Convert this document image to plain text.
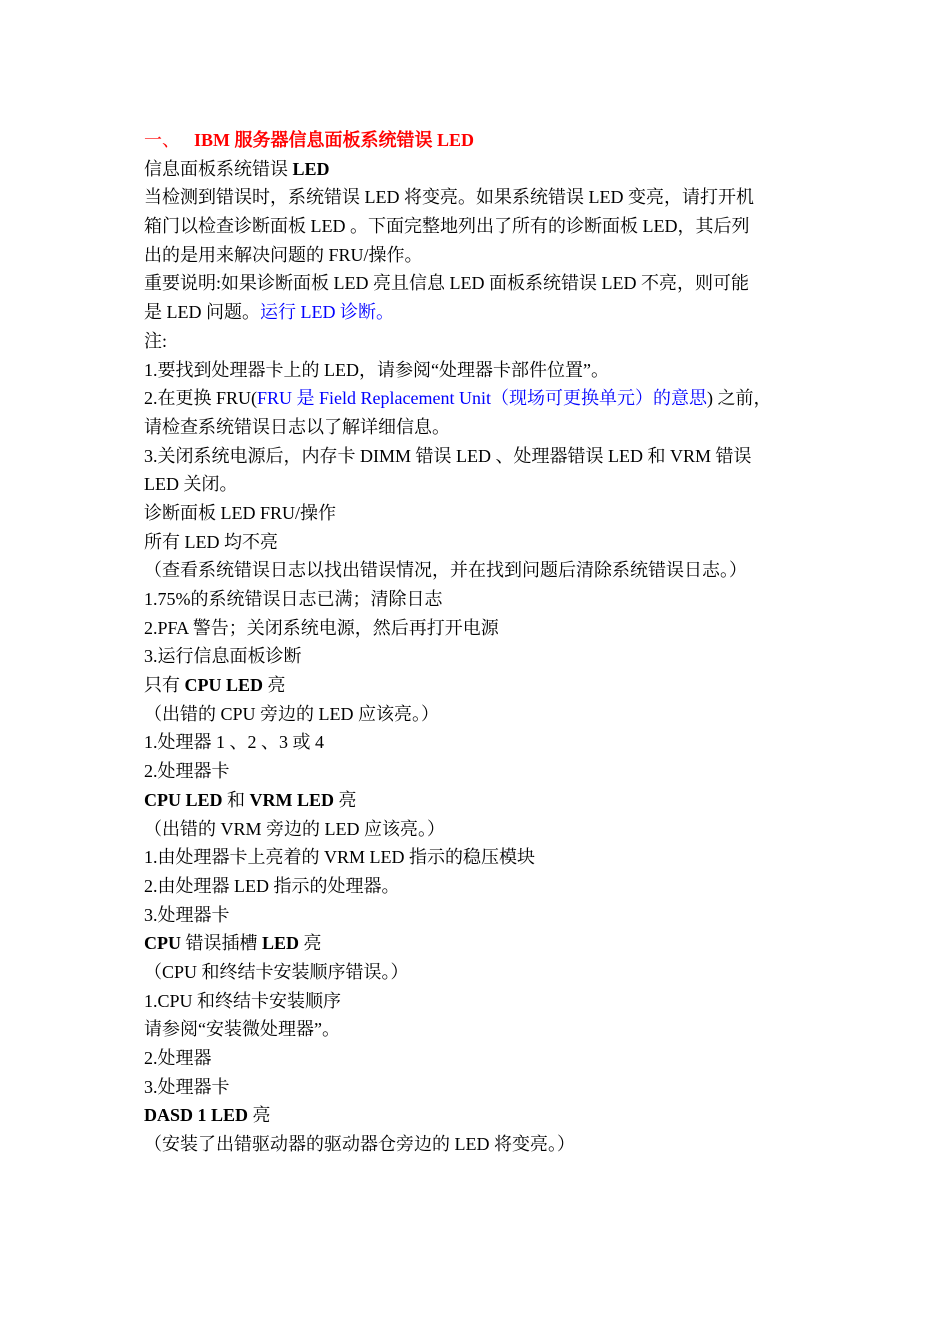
一、 IBM 服务器信息面板系统错误 LED
信息面板系统错误 LED
当检测到错误时，系统错误 LED 将变亮。如果系统错误 LED 变亮，请打开机
箱门以检查诊断面板 LED 。下面完整地列出了所有的诊断面板 LED，其后列
出的是用来解决问题的 FRU/操作。
重要说明:如果诊断面板 LED 亮且信息 LED 面板系统错误 LED 不亮，则可能
是 LED 问题。运行 LED 诊断。
注:
1.要找到处理器卡上的 LED，请参阅“处理器卡部件位置”。
2.在更换 FRU(FRU 是 Field Replacement Unit（现场可更换单元）的意思) 之前，
请检查系统错误日志以了解详细信息。
3.关闭系统电源后，内存卡 DIMM 错误 LED 、处理器错误 LED 和 VRM 错误
LED 关闭。
诊断面板 LED FRU/操作
所有 LED 均不亮
（查看系统错误日志以找出错误情况，并在找到问题后清除系统错误日志。）
1.75%的系统错误日志已满；清除日志
2.PFA 警告；关闭系统电源，然后再打开电源
3.运行信息面板诊断
只有 CPU LED 亮
（出错的 CPU 旁边的 LED 应该亮。）
1.处理器 1 、2 、3 或 4
2.处理器卡
CPU LED 和 VRM LED 亮
（出错的 VRM 旁边的 LED 应该亮。）
1.由处理器卡上亮着的 VRM LED 指示的稳压模块
2.由处理器 LED 指示的处理器。
3.处理器卡
CPU 错误插槽 LED 亮
（CPU 和终结卡安装顺序错误。）
1.CPU 和终结卡安装顺序
请参阅“安装微处理器”。
2.处理器
3.处理器卡
DASD 1 LED 亮
（安装了出错驱动器的驱动器仓旁边的 LED 将变亮。）
